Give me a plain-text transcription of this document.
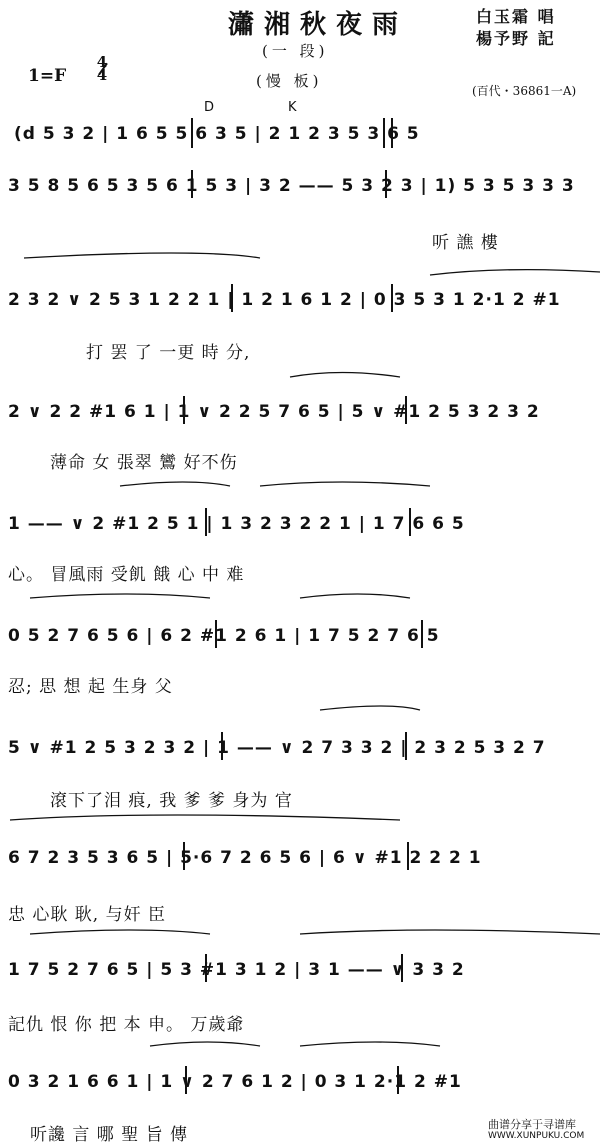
瀟湘秋夜雨
(一 段)
(慢 板)
白玉霜 唱
楊予野 記
1=F
4
4
(百代・36861一A)
D	K
(d 5 3 2 | 1 6 5 5 6 3 5 | 2 1 2 3 5 3 6 5
3 5 8 5 6 5 3 5 6 1 5 3 | 3 2 —— 5 3 2 3 | 1) 5 3 5 3 3 3
听 譙 樓
2 3 2 ∨ 2 5 3 1 2 2 1 | 1 2 1 6 1 2 | 0 3 5 3 1 2·1 2 #1
打 罢 了 一更 時 分,
2 ∨ 2 2 #1 6 1 | 1 ∨ 2 2 5 7 6 5 | 5 ∨ #1 2 5 3 2 3 2
薄命 女 張翠 鸞 好不伤
1 —— ∨ 2 #1 2 5 1 | 1 3 2 3 2 2 1 | 1 7 6 6 5
心。 冒風雨 受飢 餓 心 中 难
0 5 2 7 6 5 6 | 6 2 #1 2 6 1 | 1 7 5 2 7 6 5
忍; 思 想 起 生身 父
5 ∨ #1 2 5 3 2 3 2 | 1 —— ∨ 2 7 3 3 2 | 2 3 2 5 3 2 7
滾下了泪 痕, 我 爹 爹 身为 官
6 7 2 3 5 3 6 5 | 5·6 7 2 6 5 6 | 6 ∨ #1 2 2 2 1
忠 心耿 耿, 与奸 臣
1 7 5 2 7 6 5 | 5 3 #1 3 1 2 | 3 1 —— ∨ 3 3 2
記仇 恨 你 把 本 申。 万歲爺
0 3 2 1 6 6 1 | 1 ∨ 2 7 6 1 2 | 0 3 1 2·1 2 #1
听讒 言 哪 聖 旨 傳
曲谱分享于寻谱库
WWW.XUNPUKU.COM
